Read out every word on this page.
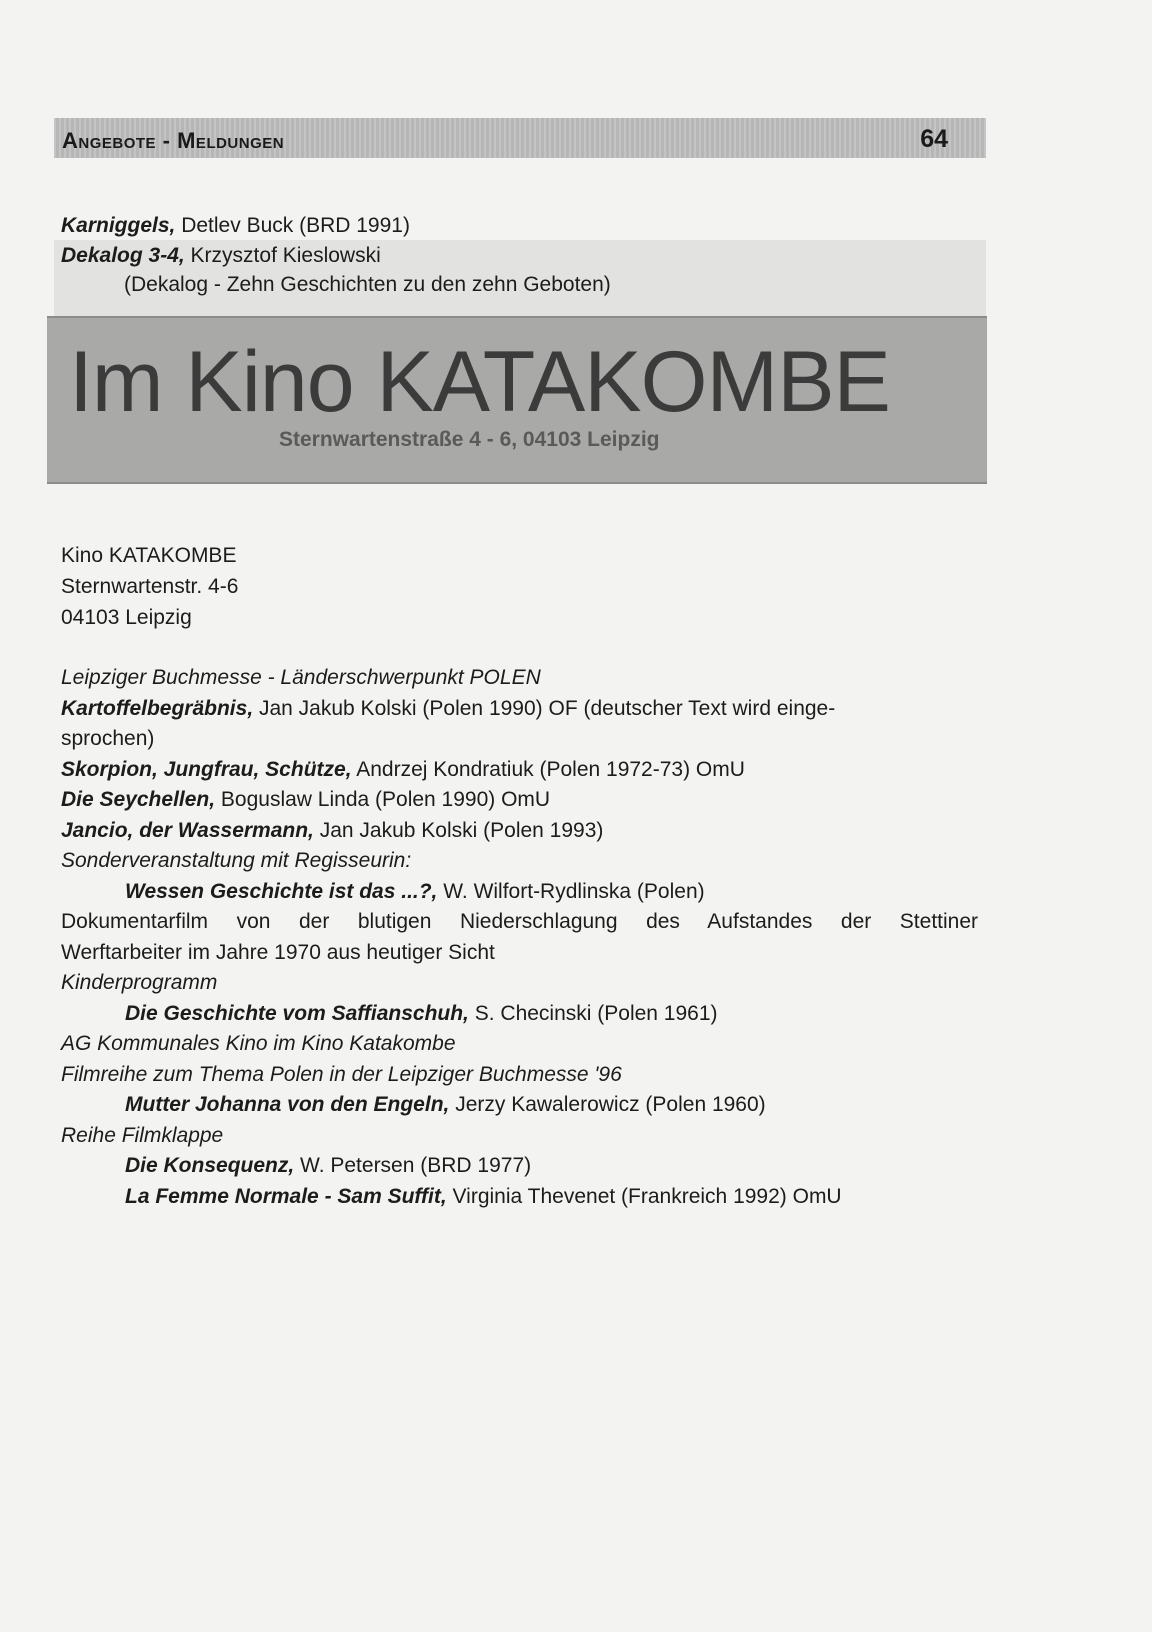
Angebote - Meldungen	64
Karniggels, Detlev Buck (BRD 1991)
Dekalog 3-4, Krzysztof Kieslowski
(Dekalog - Zehn Geschichten zu den zehn Geboten)
Im Kino KATAKOMBE
Sternwartenstraße 4 - 6, 04103 Leipzig
Kino KATAKOMBE
Sternwartenstr. 4-6
04103 Leipzig
Leipziger Buchmesse - Länderschwerpunkt POLEN
Kartoffelbegräbnis, Jan Jakub Kolski (Polen 1990) OF (deutscher Text wird einge-
sprochen)
Skorpion, Jungfrau, Schütze, Andrzej Kondratiuk (Polen 1972-73) OmU
Die Seychellen, Boguslaw Linda (Polen 1990) OmU
Jancio, der Wassermann, Jan Jakub Kolski (Polen 1993)
Sonderveranstaltung mit Regisseurin:
Wessen Geschichte ist das ...?, W. Wilfort-Rydlinska (Polen)
Dokumentarfilm von der blutigen Niederschlagung des Aufstandes der Stettiner
Werftarbeiter im Jahre 1970 aus heutiger Sicht
Kinderprogramm
Die Geschichte vom Saffianschuh, S. Checinski (Polen 1961)
AG Kommunales Kino im Kino Katakombe
Filmreihe zum Thema Polen in der Leipziger Buchmesse '96
Mutter Johanna von den Engeln, Jerzy Kawalerowicz (Polen 1960)
Reihe Filmklappe
Die Konsequenz, W. Petersen (BRD 1977)
La Femme Normale - Sam Suffit, Virginia Thevenet (Frankreich 1992) OmU
